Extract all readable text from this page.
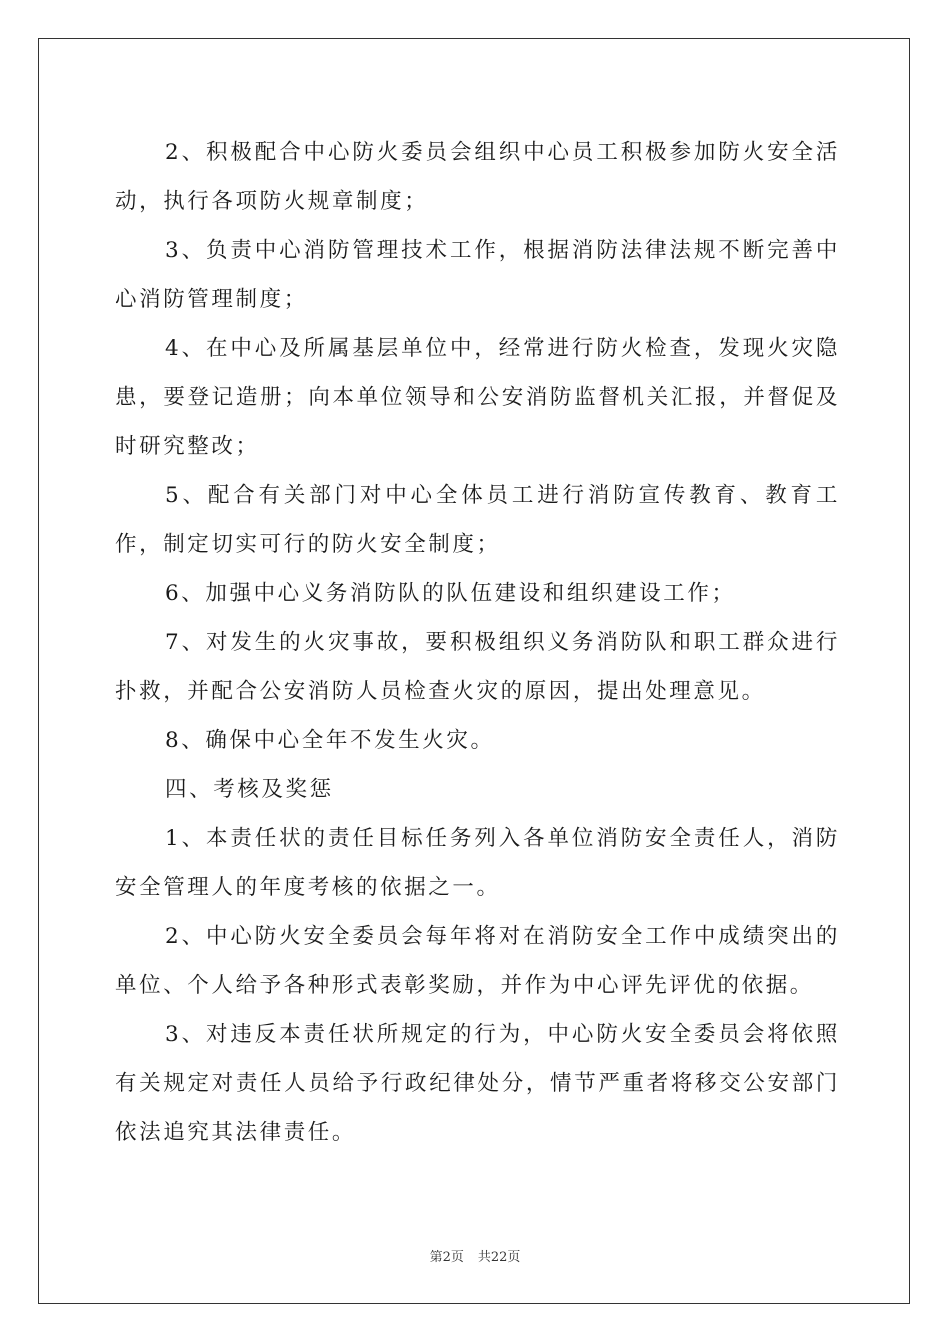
2、积极配合中心防火委员会组织中心员工积极参加防火安全活动，执行各项防火规章制度；

3、负责中心消防管理技术工作，根据消防法律法规不断完善中心消防管理制度；

4、在中心及所属基层单位中，经常进行防火检查，发现火灾隐患，要登记造册；向本单位领导和公安消防监督机关汇报，并督促及时研究整改；

5、配合有关部门对中心全体员工进行消防宣传教育、教育工作，制定切实可行的防火安全制度；

6、加强中心义务消防队的队伍建设和组织建设工作；

7、对发生的火灾事故，要积极组织义务消防队和职工群众进行扑救，并配合公安消防人员检查火灾的原因，提出处理意见。

8、确保中心全年不发生火灾。

四、考核及奖惩

1、本责任状的责任目标任务列入各单位消防安全责任人，消防安全管理人的年度考核的依据之一。

2、中心防火安全委员会每年将对在消防安全工作中成绩突出的单位、个人给予各种形式表彰奖励，并作为中心评先评优的依据。

3、对违反本责任状所规定的行为，中心防火安全委员会将依照有关规定对责任人员给予行政纪律处分，情节严重者将移交公安部门依法追究其法律责任。

第2页 共22页
